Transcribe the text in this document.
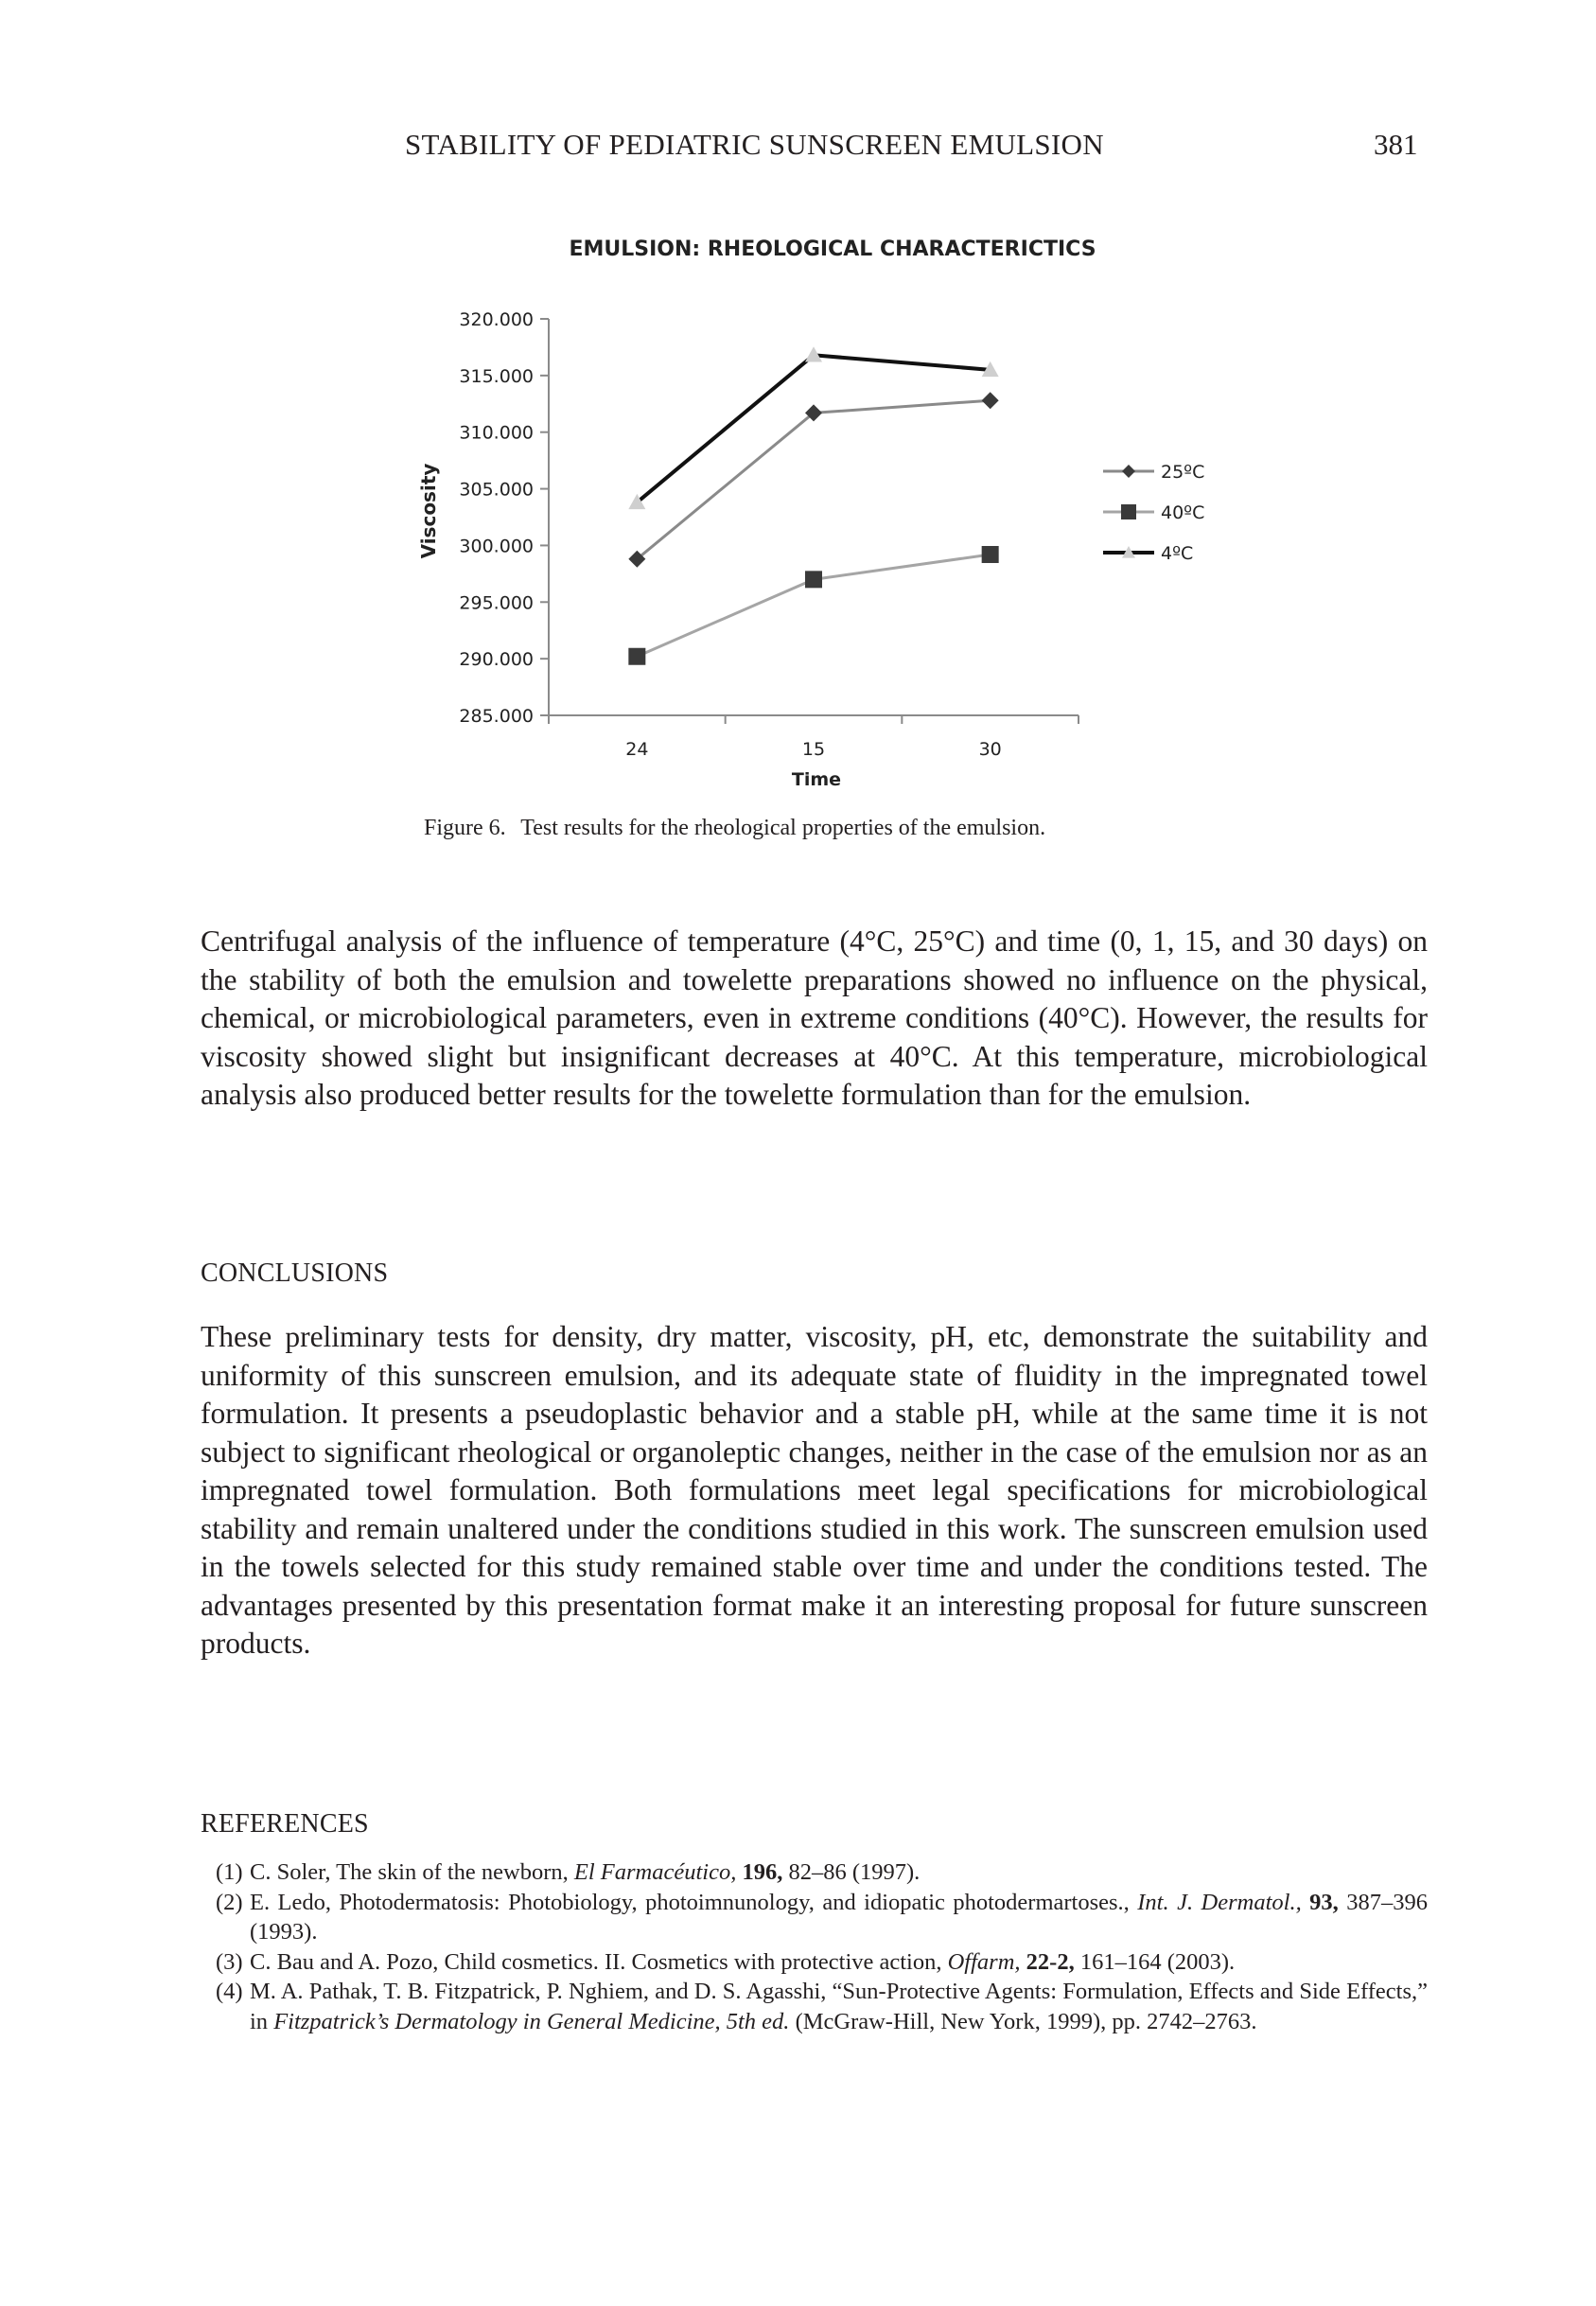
STABILITY OF PEDIATRIC SUNSCREEN EMULSION	381
EMULSION: RHEOLOGICAL CHARACTERICTICS
320.000
315.000
310.000
305.000
300.000
295.000
290.000
285.000
24	15	30
Viscosity
Time
25ºC
40ºC
4ºC
Figure 6. Test results for the rheological properties of the emulsion.

Centrifugal analysis of the influence of temperature (4°C, 25°C) and time (0, 1, 15, and 30 days) on the stability of both the emulsion and towelette preparations showed no influence on the physical, chemical, or microbiological parameters, even in extreme conditions (40°C). However, the results for viscosity showed slight but insignificant decreases at 40°C. At this temperature, microbiological analysis also produced better results for the towelette formulation than for the emulsion.

CONCLUSIONS

These preliminary tests for density, dry matter, viscosity, pH, etc, demonstrate the suitability and uniformity of this sunscreen emulsion, and its adequate state of fluidity in the impregnated towel formulation. It presents a pseudoplastic behavior and a stable pH, while at the same time it is not subject to significant rheological or organoleptic changes, neither in the case of the emulsion nor as an impregnated towel formulation. Both formulations meet legal specifications for microbiological stability and remain unaltered under the conditions studied in this work. The sunscreen emulsion used in the towels selected for this study remained stable over time and under the conditions tested. The advantages presented by this presentation format make it an interesting proposal for future sunscreen products.

REFERENCES

(1) C. Soler, The skin of the newborn, El Farmacéutico, 196, 82–86 (1997).

(2) E. Ledo, Photodermatosis: Photobiology, photoimnunology, and idiopatic photodermartoses., Int. J. Dermatol., 93, 387–396 (1993).

(3) C. Bau and A. Pozo, Child cosmetics. II. Cosmetics with protective action, Offarm, 22-2, 161–164 (2003).

(4) M. A. Pathak, T. B. Fitzpatrick, P. Nghiem, and D. S. Agasshi, “Sun-Protective Agents: Formulation, Effects and Side Effects,” in Fitzpatrick’s Dermatology in General Medicine, 5th ed. (McGraw-Hill, New York, 1999), pp. 2742–2763.
